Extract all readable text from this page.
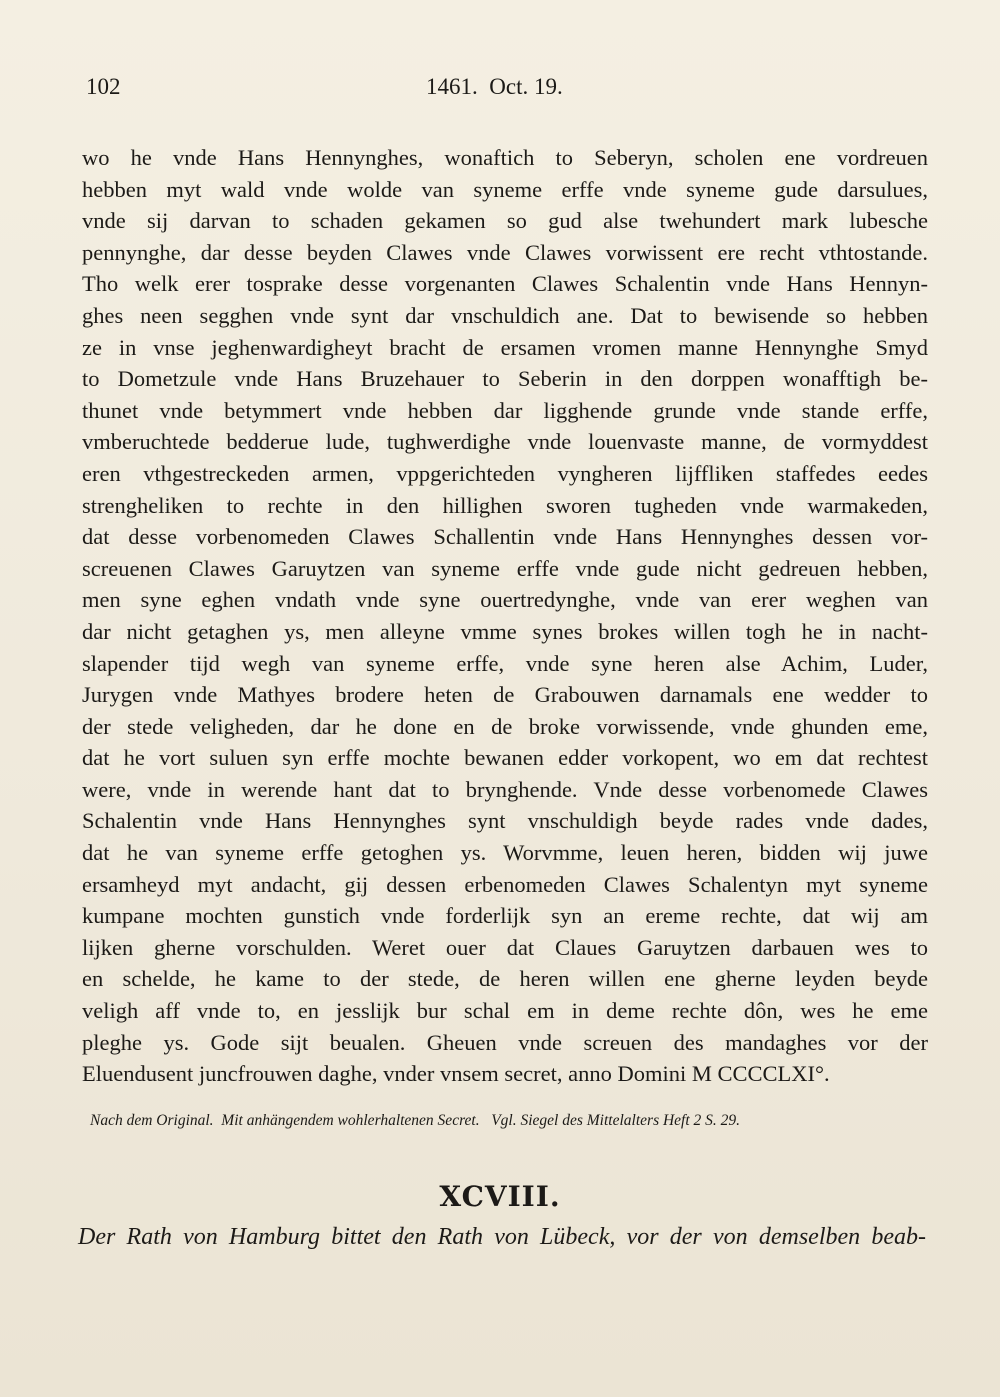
102	1461.  Oct. 19.
wo he vnde Hans Hennynghes, wonaftich to Seberyn, scholen ene vordreuen
hebben myt wald vnde wolde van syneme erffe vnde syneme gude darsulues,
vnde sij darvan to schaden gekamen so gud alse twehundert mark lubesche
pennynghe, dar desse beyden Clawes vnde Clawes vorwissent ere recht vthtostande.
Tho welk erer tosprake desse vorgenanten Clawes Schalentin vnde Hans Hennyn-
ghes neen segghen vnde synt dar vnschuldich ane. Dat to bewisende so hebben
ze in vnse jeghenwardigheyt bracht de ersamen vromen manne Hennynghe Smyd
to Dometzule vnde Hans Bruzehauer to Seberin in den dorppen wonafftigh be-
thunet vnde betymmert vnde hebben dar ligghende grunde vnde stande erffe,
vmberuchtede bedderue lude, tughwerdighe vnde louenvaste manne, de vormyddest
eren vthgestreckeden armen, vppgerichteden vyngheren lijffliken staffedes eedes
strengheliken to rechte in den hillighen sworen tugheden vnde warmakeden,
dat desse vorbenomeden Clawes Schallentin vnde Hans Hennynghes dessen vor-
screuenen Clawes Garuytzen van syneme erffe vnde gude nicht gedreuen hebben,
men syne eghen vndath vnde syne ouertredynghe, vnde van erer weghen van
dar nicht getaghen ys, men alleyne vmme synes brokes willen togh he in nacht-
slapender tijd wegh van syneme erffe, vnde syne heren alse Achim, Luder,
Jurygen vnde Mathyes brodere heten de Grabouwen darnamals ene wedder to
der stede veligheden, dar he done en de broke vorwissende, vnde ghunden eme,
dat he vort suluen syn erffe mochte bewanen edder vorkopent, wo em dat rechtest
were, vnde in werende hant dat to brynghende. Vnde desse vorbenomede Clawes
Schalentin vnde Hans Hennynghes synt vnschuldigh beyde rades vnde dades,
dat he van syneme erffe getoghen ys. Worvmme, leuen heren, bidden wij juwe
ersamheyd myt andacht, gij dessen erbenomeden Clawes Schalentyn myt syneme
kumpane mochten gunstich vnde forderlijk syn an ereme rechte, dat wij am
lijken gherne vorschulden. Weret ouer dat Claues Garuytzen darbauen wes to
en schelde, he kame to der stede, de heren willen ene gherne leyden beyde
veligh aff vnde to, en jesslijk bur schal em in deme rechte dôn, wes he eme
pleghe ys. Gode sijt beualen. Gheuen vnde screuen des mandaghes vor der
Eluendusent juncfrouwen daghe, vnder vnsem secret, anno Domini M CCCCLXI°.
Nach dem Original.  Mit anhängendem wohlerhaltenen Secret.   Vgl. Siegel des Mittelalters Heft 2 S. 29.
XCVIII.
Der Rath von Hamburg bittet den Rath von Lübeck, vor der von demselben beab-
